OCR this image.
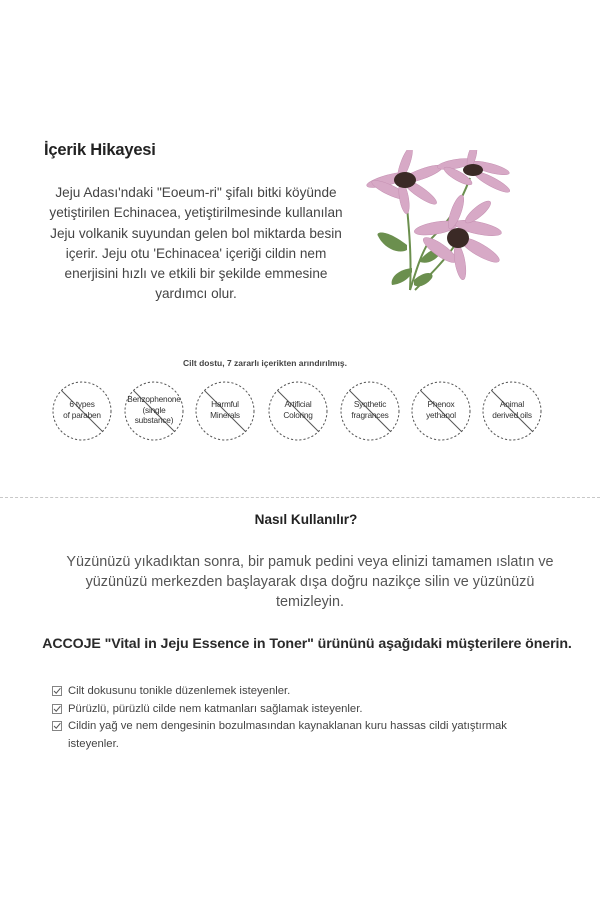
İçerik Hikayesi
Jeju Adası'ndaki "Eoeum-ri" şifalı bitki köyünde
yetiştirilen Echinacea, yetiştirilmesinde kullanılan
Jeju volkanik suyundan gelen bol miktarda besin
içerir. Jeju otu 'Echinacea' içeriği cildin nem
enerjisini hızlı ve etkili bir şekilde emmesine
yardımcı olur.
Cilt dostu, 7 zararlı içerikten arındırılmış.
6 types
of paraben
Benzophenone
(single
substance)
Harmful
Minerals
Artificial
Coloring
Synthetic
fragrances
Phenox
yethanol
Animal
derived oils
Nasıl Kullanılır?
Yüzünüzü yıkadıktan sonra, bir pamuk pedini veya elinizi tamamen ıslatın ve
yüzünüzü merkezden başlayarak dışa doğru nazikçe silin ve yüzünüzü
temizleyin.
ACCOJE "Vital in Jeju Essence in Toner" ürününü aşağıdaki müşterilere önerin.
Cilt dokusunu tonikle düzenlemek isteyenler.
Pürüzlü, pürüzlü cilde nem katmanları sağlamak isteyenler.
Cildin yağ ve nem dengesinin bozulmasından kaynaklanan kuru hassas cildi yatıştırmak
isteyenler.
